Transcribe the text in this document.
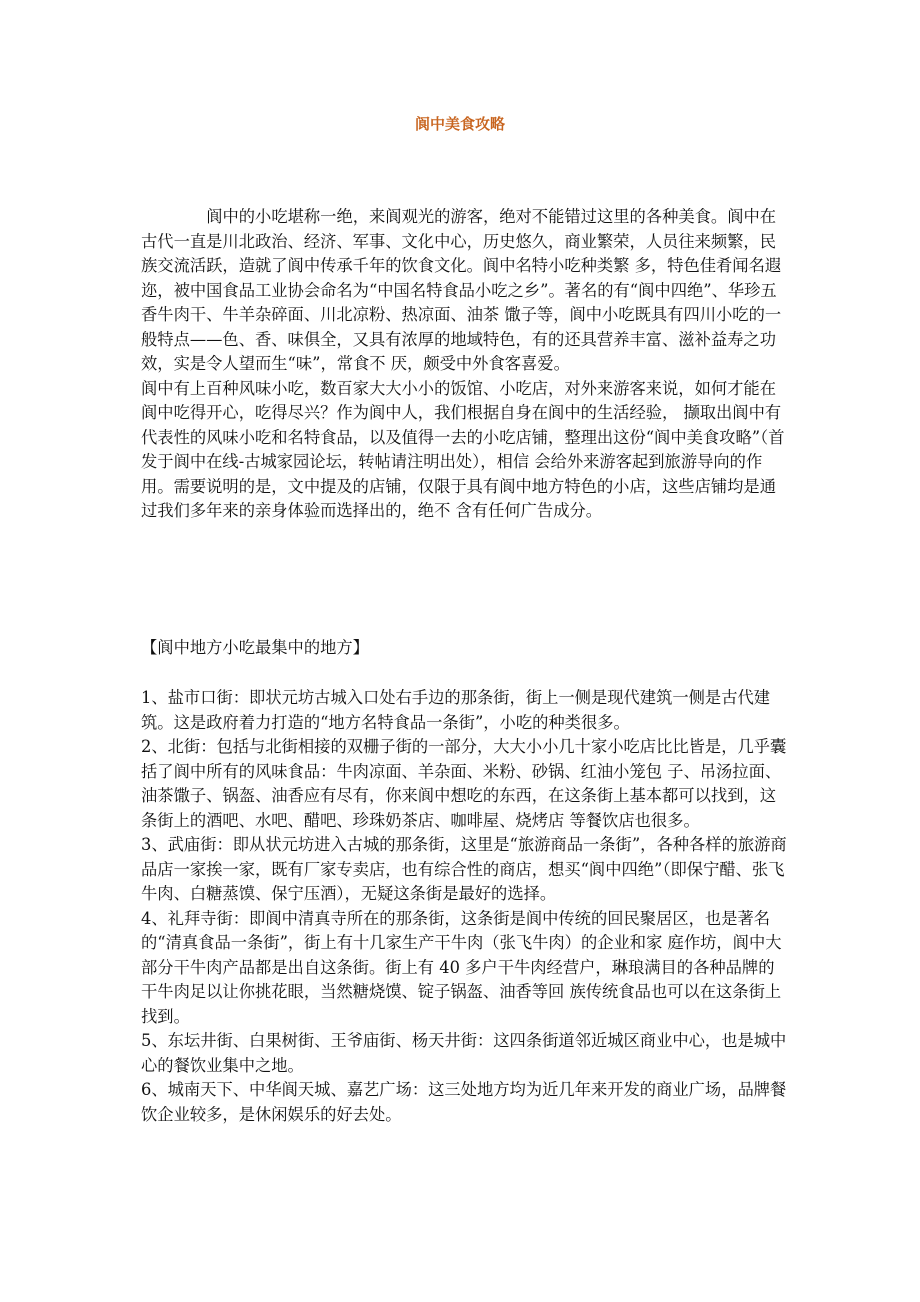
阆中美食攻略

阆中的小吃堪称一绝，来阆观光的游客，绝对不能错过这里的各种美食。阆中在古代一直是川北政治、经济、军事、文化中心，历史悠久，商业繁荣，人员往来频繁，民族交流活跃，造就了阆中传承千年的饮食文化。阆中名特小吃种类繁 多，特色佳肴闻名遐迩，被中国食品工业协会命名为“中国名特食品小吃之乡”。著名的有“阆中四绝”、华珍五香牛肉干、牛羊杂碎面、川北凉粉、热凉面、油茶 馓子等，阆中小吃既具有四川小吃的一般特点——色、香、味俱全，又具有浓厚的地域特色，有的还具营养丰富、滋补益寿之功效，实是令人望而生“味”，常食不 厌，颇受中外食客喜爱。

阆中有上百种风味小吃，数百家大大小小的饭馆、小吃店，对外来游客来说，如何才能在阆中吃得开心，吃得尽兴？作为阆中人，我们根据自身在阆中的生活经验， 撷取出阆中有代表性的风味小吃和名特食品，以及值得一去的小吃店铺，整理出这份“阆中美食攻略”（首发于阆中在线-古城家园论坛，转帖请注明出处），相信 会给外来游客起到旅游导向的作用。需要说明的是，文中提及的店铺，仅限于具有阆中地方特色的小店，这些店铺均是通过我们多年来的亲身体验而选择出的，绝不 含有任何广告成分。

【阆中地方小吃最集中的地方】

1、盐市口街：即状元坊古城入口处右手边的那条街，街上一侧是现代建筑一侧是古代建筑。这是政府着力打造的“地方名特食品一条街”，小吃的种类很多。

2、北街：包括与北街相接的双栅子街的一部分，大大小小几十家小吃店比比皆是，几乎囊括了阆中所有的风味食品：牛肉凉面、羊杂面、米粉、砂锅、红油小笼包 子、吊汤拉面、油茶馓子、锅盔、油香应有尽有，你来阆中想吃的东西，在这条街上基本都可以找到，这条街上的酒吧、水吧、醋吧、珍珠奶茶店、咖啡屋、烧烤店 等餐饮店也很多。

3、武庙街：即从状元坊进入古城的那条街，这里是“旅游商品一条街”，各种各样的旅游商品店一家挨一家，既有厂家专卖店，也有综合性的商店，想买“阆中四绝”（即保宁醋、张飞牛肉、白糖蒸馍、保宁压酒），无疑这条街是最好的选择。

4、礼拜寺街：即阆中清真寺所在的那条街，这条街是阆中传统的回民聚居区，也是著名的“清真食品一条街”，街上有十几家生产干牛肉（张飞牛肉）的企业和家 庭作坊，阆中大部分干牛肉产品都是出自这条街。街上有 40 多户干牛肉经营户，琳琅满目的各种品牌的干牛肉足以让你挑花眼，当然糖烧馍、锭子锅盔、油香等回 族传统食品也可以在这条街上找到。

5、东坛井街、白果树街、王爷庙街、杨天井街：这四条街道邻近城区商业中心，也是城中心的餐饮业集中之地。

6、城南天下、中华阆天城、嘉艺广场：这三处地方均为近几年来开发的商业广场，品牌餐饮企业较多，是休闲娱乐的好去处。
